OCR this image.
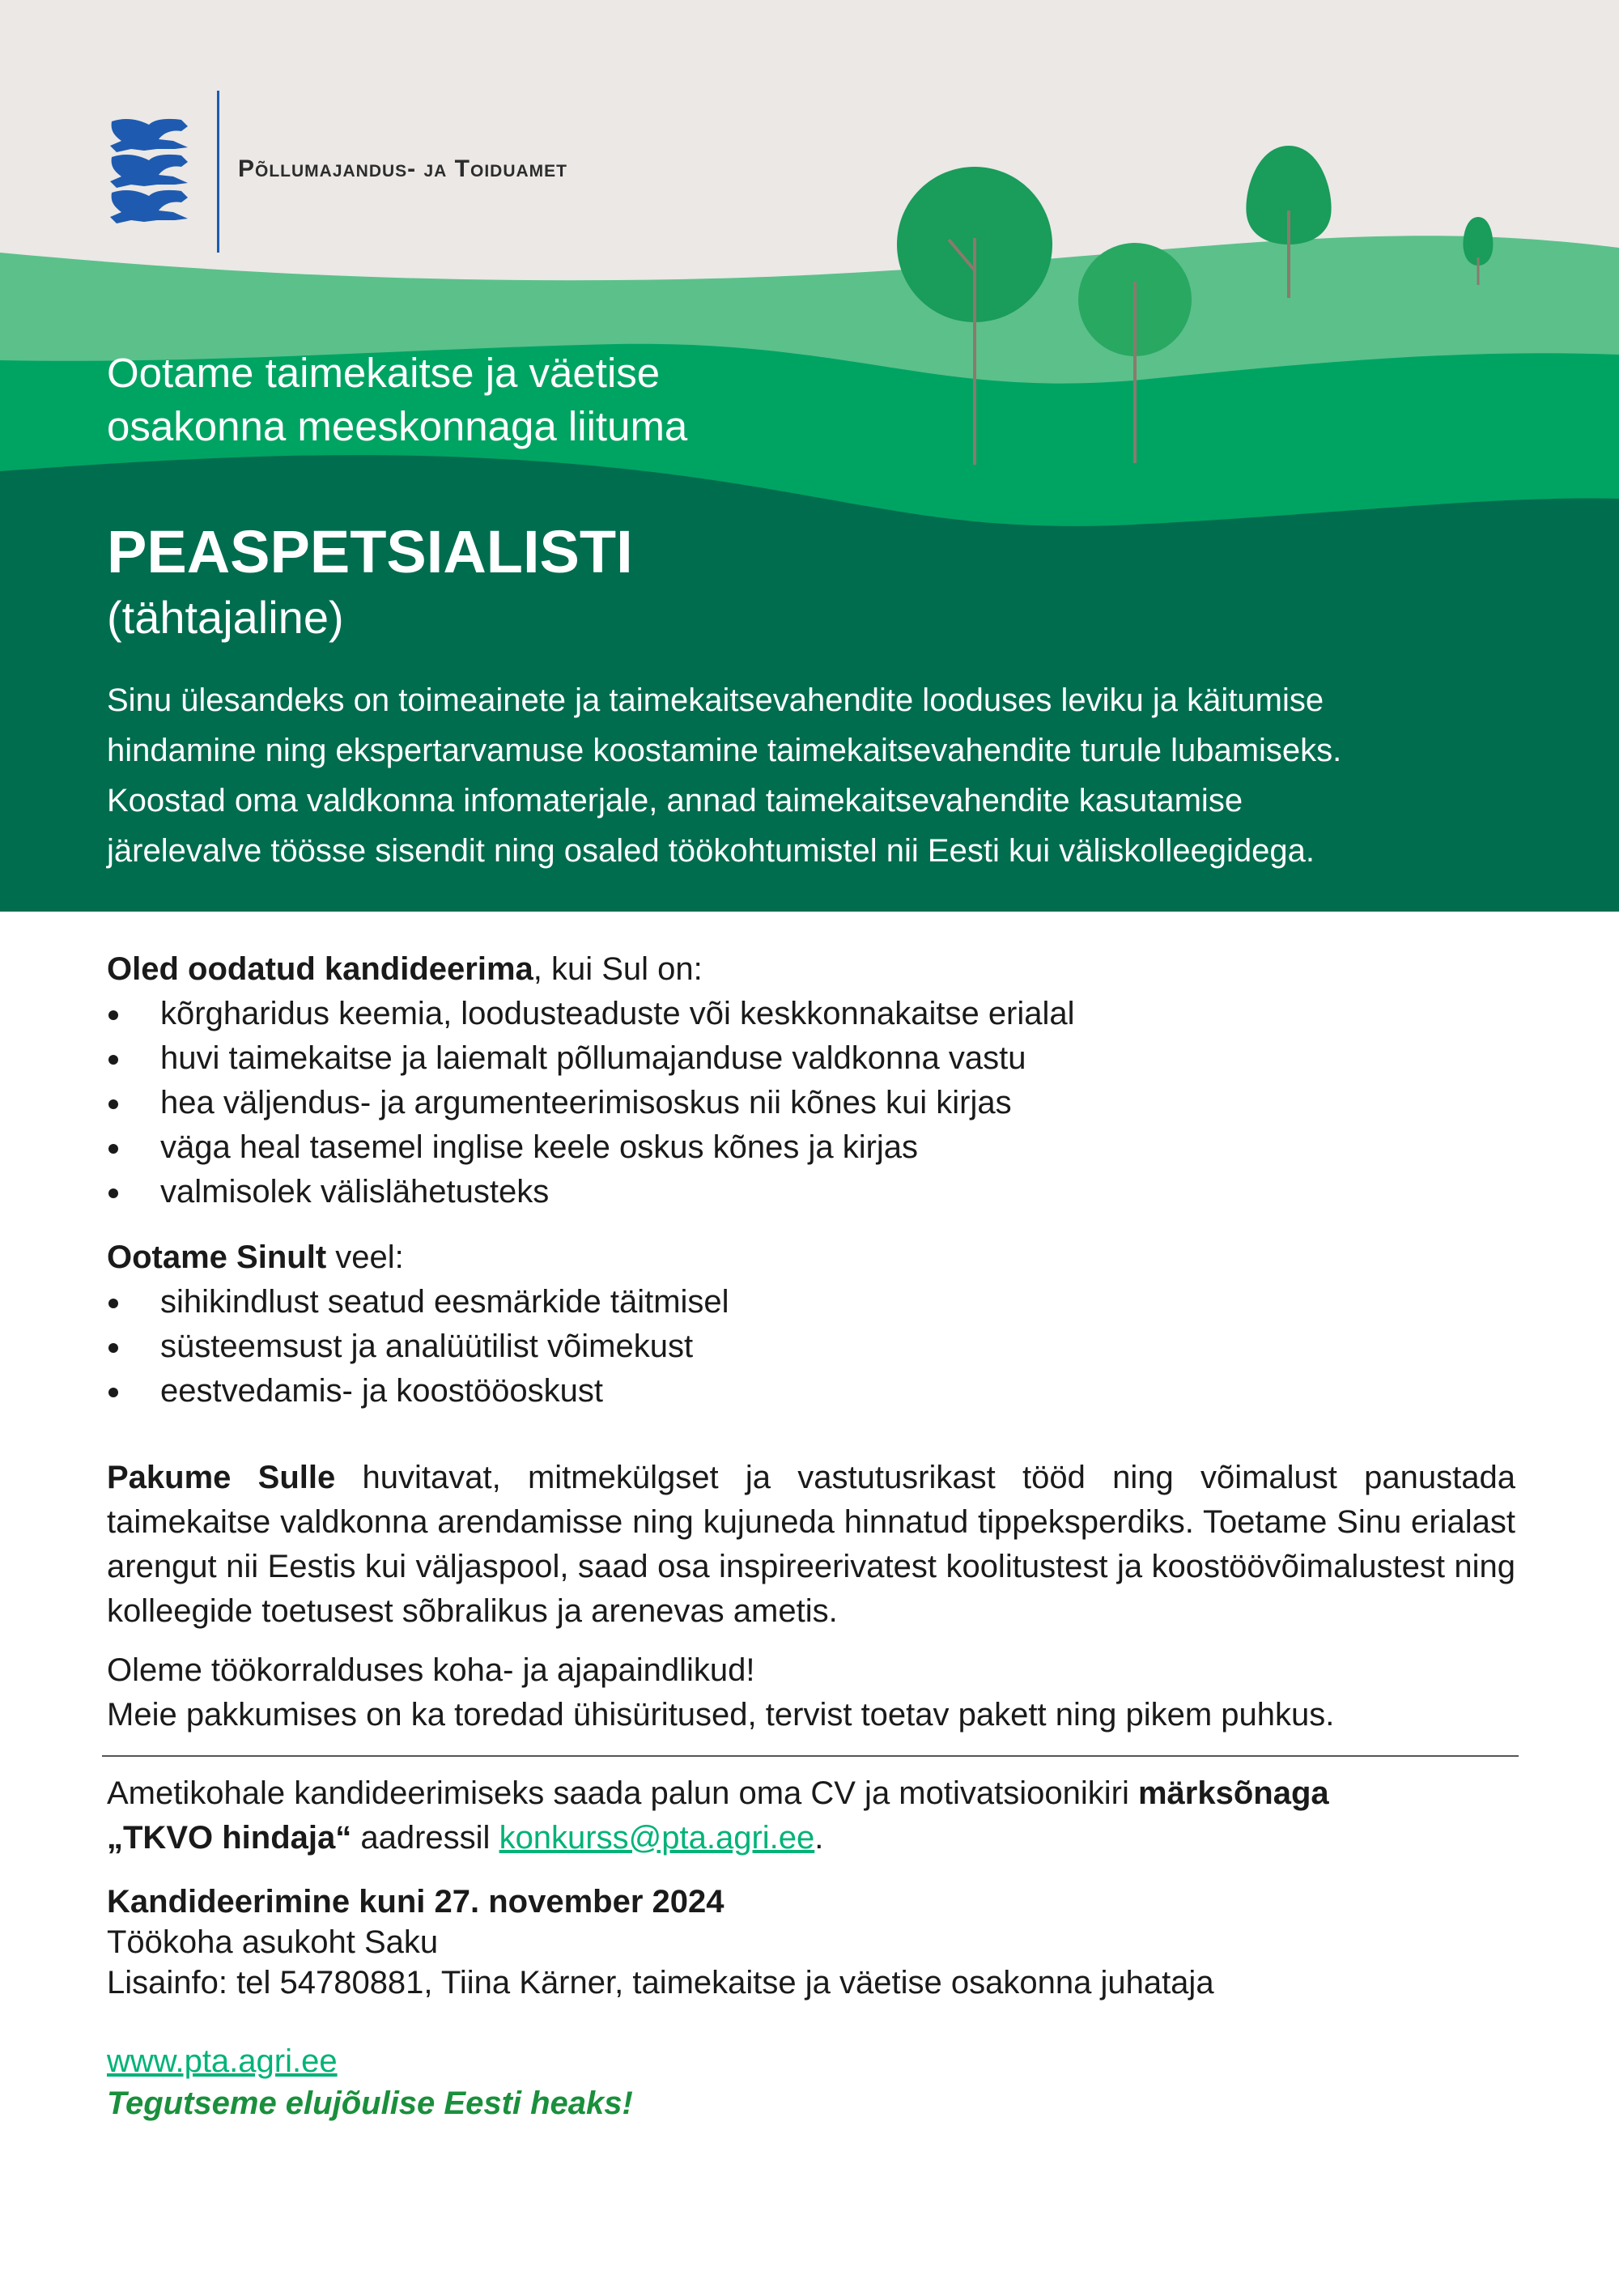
Põllumajandus- ja Toiduamet
Ootame taimekaitse ja väetise
osakonna meeskonnaga liituma
PEASPETSIALISTI
(tähtajaline)
Sinu ülesandeks on toimeainete ja taimekaitsevahendite looduses leviku ja käitumise
hindamine ning ekspertarvamuse koostamine taimekaitsevahendite turule lubamiseks.
Koostad oma valdkonna infomaterjale, annad taimekaitsevahendite kasutamise
järelevalve töösse sisendit ning osaled töökohtumistel nii Eesti kui väliskolleegidega.

Oled oodatud kandideerima, kui Sul on:

kõrgharidus keemia, loodusteaduste või keskkonnakaitse erialal
huvi taimekaitse ja laiemalt põllumajanduse valdkonna vastu
hea väljendus- ja argumenteerimisoskus nii kõnes kui kirjas
väga heal tasemel inglise keele oskus kõnes ja kirjas
valmisolek välislähetusteks

Ootame Sinult veel:

sihikindlust seatud eesmärkide täitmisel
süsteemsust ja analüütilist võimekust
eestvedamis- ja koostööoskust

Pakume Sulle huvitavat, mitmekülgset ja vastutusrikast tööd ning võimalust panustada taimekaitse valdkonna arendamisse ning kujuneda hinnatud tippeksperdiks. Toetame Sinu erialast arengut nii Eestis kui väljaspool, saad osa inspireerivatest koolitustest ja koostöövõimalustest ning kolleegide toetusest sõbralikus ja arenevas ametis.

Oleme töökorralduses koha- ja ajapaindlikud!

Meie pakkumises on ka toredad ühisüritused, tervist toetav pakett ning pikem puhkus.

Ametikohale kandideerimiseks saada palun oma CV ja motivatsioonikiri märksõnaga
„TKVO hindaja“ aadressil konkurss@pta.agri.ee.

Kandideerimine kuni 27. november 2024

Töökoha asukoht Saku

Lisainfo: tel 54780881, Tiina Kärner, taimekaitse ja väetise osakonna juhataja

www.pta.agri.ee

Tegutseme elujõulise Eesti heaks!
